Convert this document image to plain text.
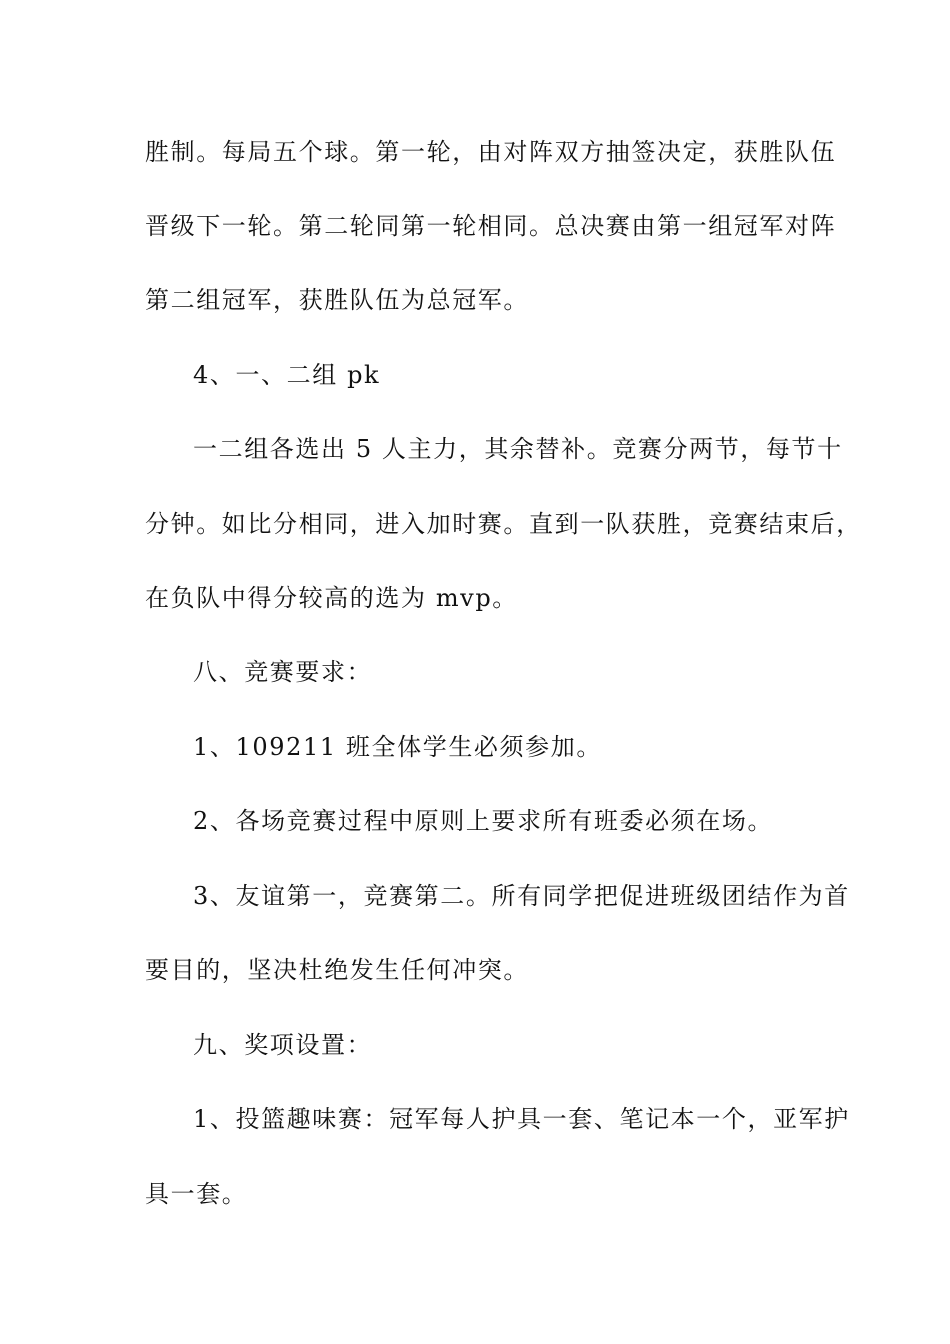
胜制。每局五个球。第一轮，由对阵双方抽签决定，获胜队伍
晋级下一轮。第二轮同第一轮相同。总决赛由第一组冠军对阵
第二组冠军，获胜队伍为总冠军。
4、一、二组 pk
一二组各选出 5 人主力，其余替补。竞赛分两节，每节十
分钟。如比分相同，进入加时赛。直到一队获胜，竞赛结束后，
在负队中得分较高的选为 mvp。
八、竞赛要求：
1、109211 班全体学生必须参加。
2、各场竞赛过程中原则上要求所有班委必须在场。
3、友谊第一，竞赛第二。所有同学把促进班级团结作为首
要目的，坚决杜绝发生任何冲突。
九、奖项设置：
1、投篮趣味赛：冠军每人护具一套、笔记本一个，亚军护
具一套。
